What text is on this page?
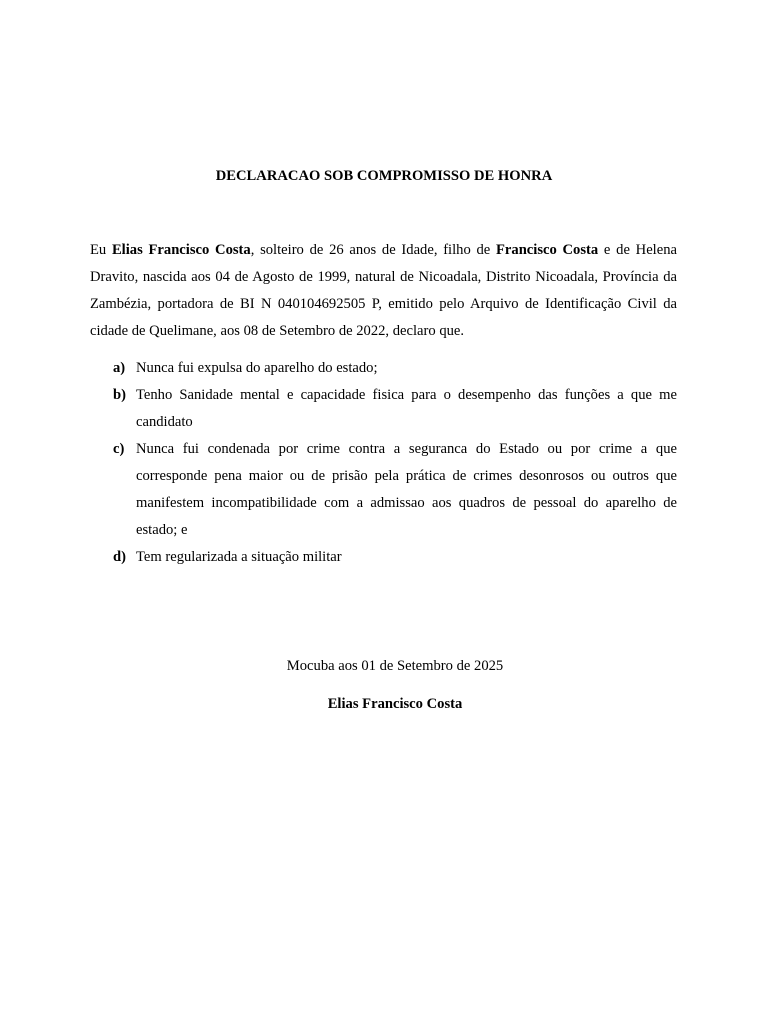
DECLARACAO SOB COMPROMISSO DE HONRA

Eu Elias Francisco Costa, solteiro de 26 anos de Idade, filho de Francisco Costa e de Helena Dravito, nascida aos 04 de Agosto de 1999, natural de Nicoadala, Distrito Nicoadala, Província da Zambézia, portadora de BI N 040104692505 P, emitido pelo Arquivo de Identificação Civil da cidade de Quelimane, aos 08 de Setembro de 2022, declaro que.

a) Nunca fui expulsa do aparelho do estado;
b) Tenho Sanidade mental e capacidade fisica para o desempenho das funções a que me candidato
c) Nunca fui condenada por crime contra a seguranca do Estado ou por crime a que corresponde pena maior ou de prisão pela prática de crimes desonrosos ou outros que manifestem incompatibilidade com a admissao aos quadros de pessoal do aparelho de estado; e
d) Tem regularizada a situação militar
Mocuba aos 01 de Setembro de 2025
Elias Francisco Costa
